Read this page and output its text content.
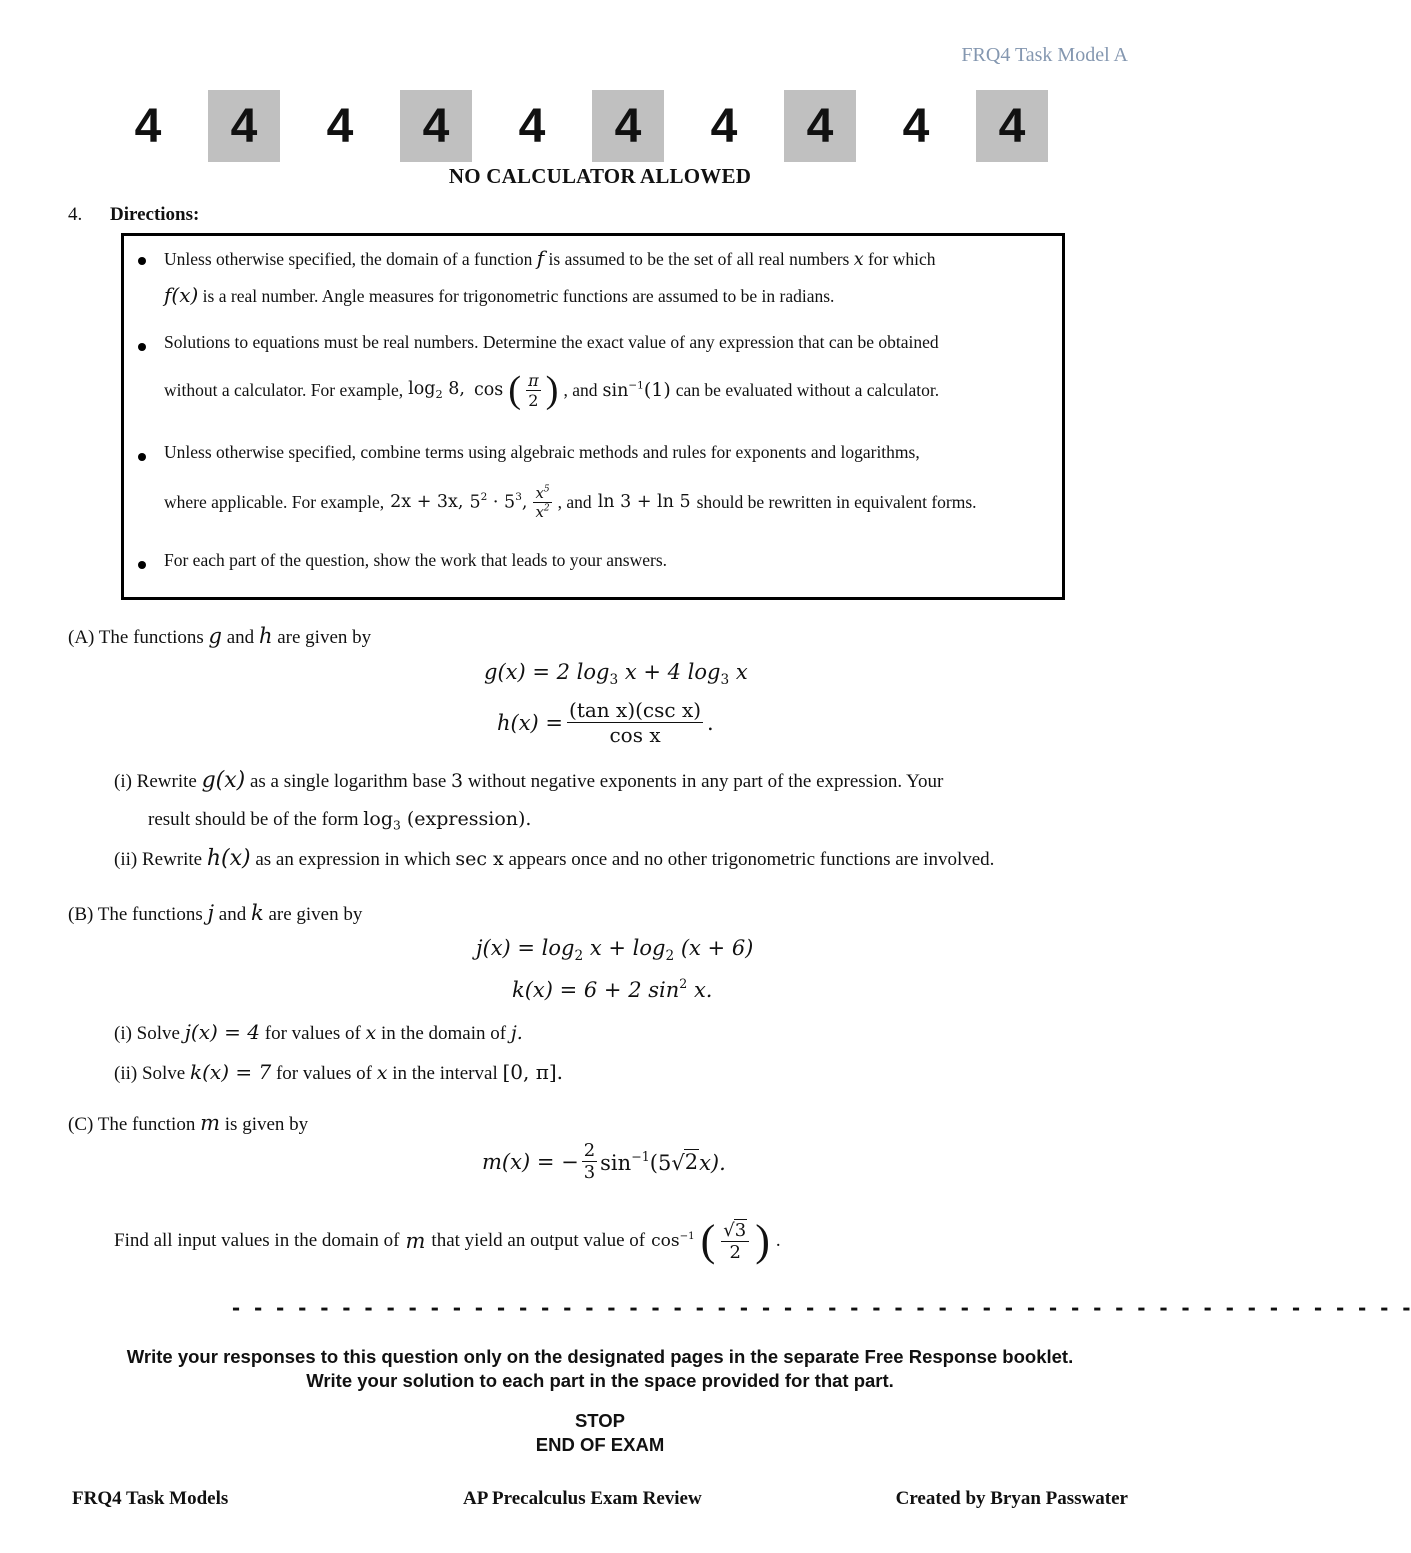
FRQ4 Task Model A
4	4	4	4	4	4	4	4	4	4
NO CALCULATOR ALLOWED
4. Directions:
Unless otherwise specified, the domain of a function f is assumed to be the set of all real numbers x for which
f(x) is a real number. Angle measures for trigonometric functions are assumed to be in radians.
Solutions to equations must be real numbers. Determine the exact value of any expression that can be obtained
without a calculator. For example, $\log_2 8$, cos ( $\frac{\pi}{2}$ ) , and $\sin^{-1}(1)$ can be evaluated without a calculator.
Unless otherwise specified, combine terms using algebraic methods and rules for exponents and logarithms,
where applicable. For example, 2x + 3x, $5^2 \cdot 5^3$, $\frac{x^5}{x^2}$ , and ln 3 + ln 5 should be rewritten in equivalent forms.
For each part of the question, show the work that leads to your answers.
(A) The functions g and h are given by
g(x) = 2 $\log_3 x + 4$ $\log_3 x$
$h(x) = \frac{\text{(tan x)(csc x)}}{\text{cos x}}$ .
(i) Rewrite g(x) as a single logarithm base 3 without negative exponents in any part of the expression. Your
result should be of the form $\log_3$ (expression).
(ii) Rewrite h(x) as an expression in which sec x appears once and no other trigonometric functions are involved.
(B) The functions j and k are given by
$j(x) = \log_2 x + \log_2 (x + 6)$
k(x) = 6 + 2 $\sin^2 x$.
(i) Solve j(x) = 4 for values of x in the domain of j.
(ii) Solve k(x) = 7 for values of x in the interval [0, π].
(C) The function m is given by
m(x) = − $\frac{2}{3} \sin^{-1}(5√2x)$.
Find all input values in the domain of m that yield an output value of $\cos^{-1}$ ( $\frac{√3}{2}$ ) .
- - - - - - - - - - - - - - - - - - - - - - - - - - - - - - - - - - - - - - - - - - - - - - - - - - - - - -
Write your responses to this question only on the designated pages in the separate Free Response booklet.
Write your solution to each part in the space provided for that part.
STOP
END OF EXAM
FRQ4 Task Models	AP Precalculus Exam Review	Created by Bryan Passwater
